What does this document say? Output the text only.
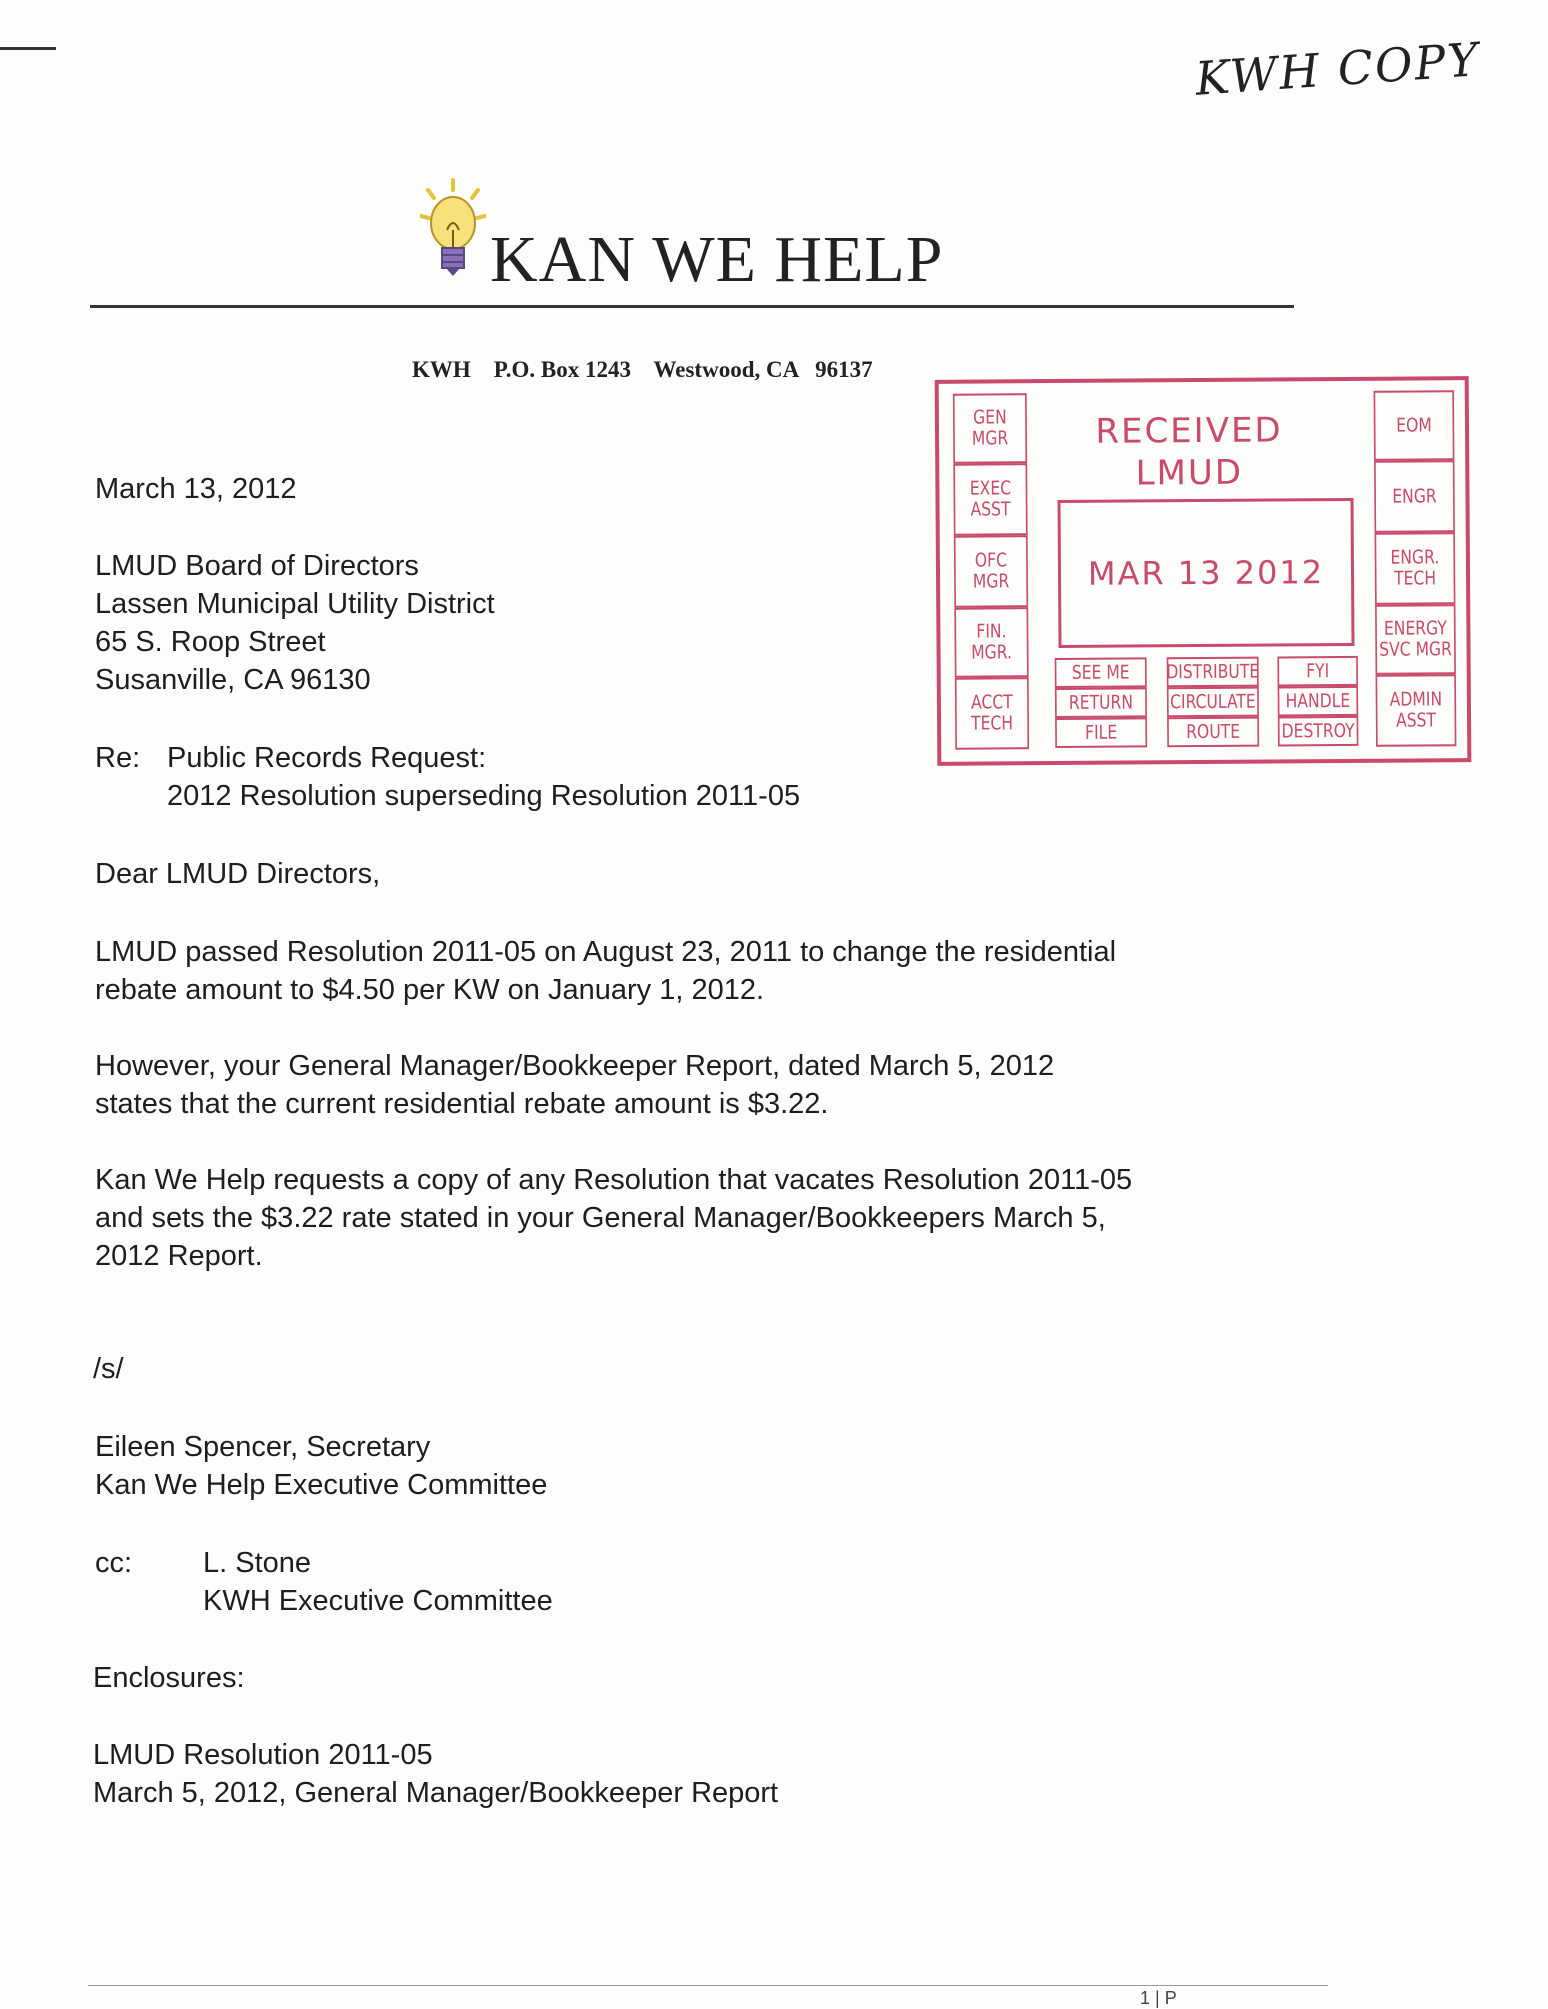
KWH COPY
KAN WE HELP
KWH    P.O. Box 1243    Westwood, CA   96137
GEN MGR
EXEC ASST
OFC MGR
FIN. MGR.
ACCT TECH
EOM
ENGR
ENGR. TECH
ENERGY SVC MGR
ADMIN ASST
RECEIVED
LMUD
MAR 13 2012
SEE ME	DISTRIBUTE	FYI
RETURN	CIRCULATE	HANDLE
FILE	ROUTE	DESTROY
March 13, 2012
LMUD Board of Directors
Lassen Municipal Utility District
65 S. Roop Street
Susanville, CA 96130
Re: Public Records Request:
2012 Resolution superseding Resolution 2011-05
Dear LMUD Directors,
LMUD passed Resolution 2011-05 on August 23, 2011 to change the residential
rebate amount to $4.50 per KW on January 1, 2012.
However, your General Manager/Bookkeeper Report, dated March 5, 2012
states that the current residential rebate amount is $3.22.
Kan We Help requests a copy of any Resolution that vacates Resolution 2011-05
and sets the $3.22 rate stated in your General Manager/Bookkeepers March 5,
2012 Report.
/s/
Eileen Spencer, Secretary
Kan We Help Executive Committee
cc: L. Stone
KWH Executive Committee
Enclosures:
LMUD Resolution 2011-05
March 5, 2012, General Manager/Bookkeeper Report
1 | P
